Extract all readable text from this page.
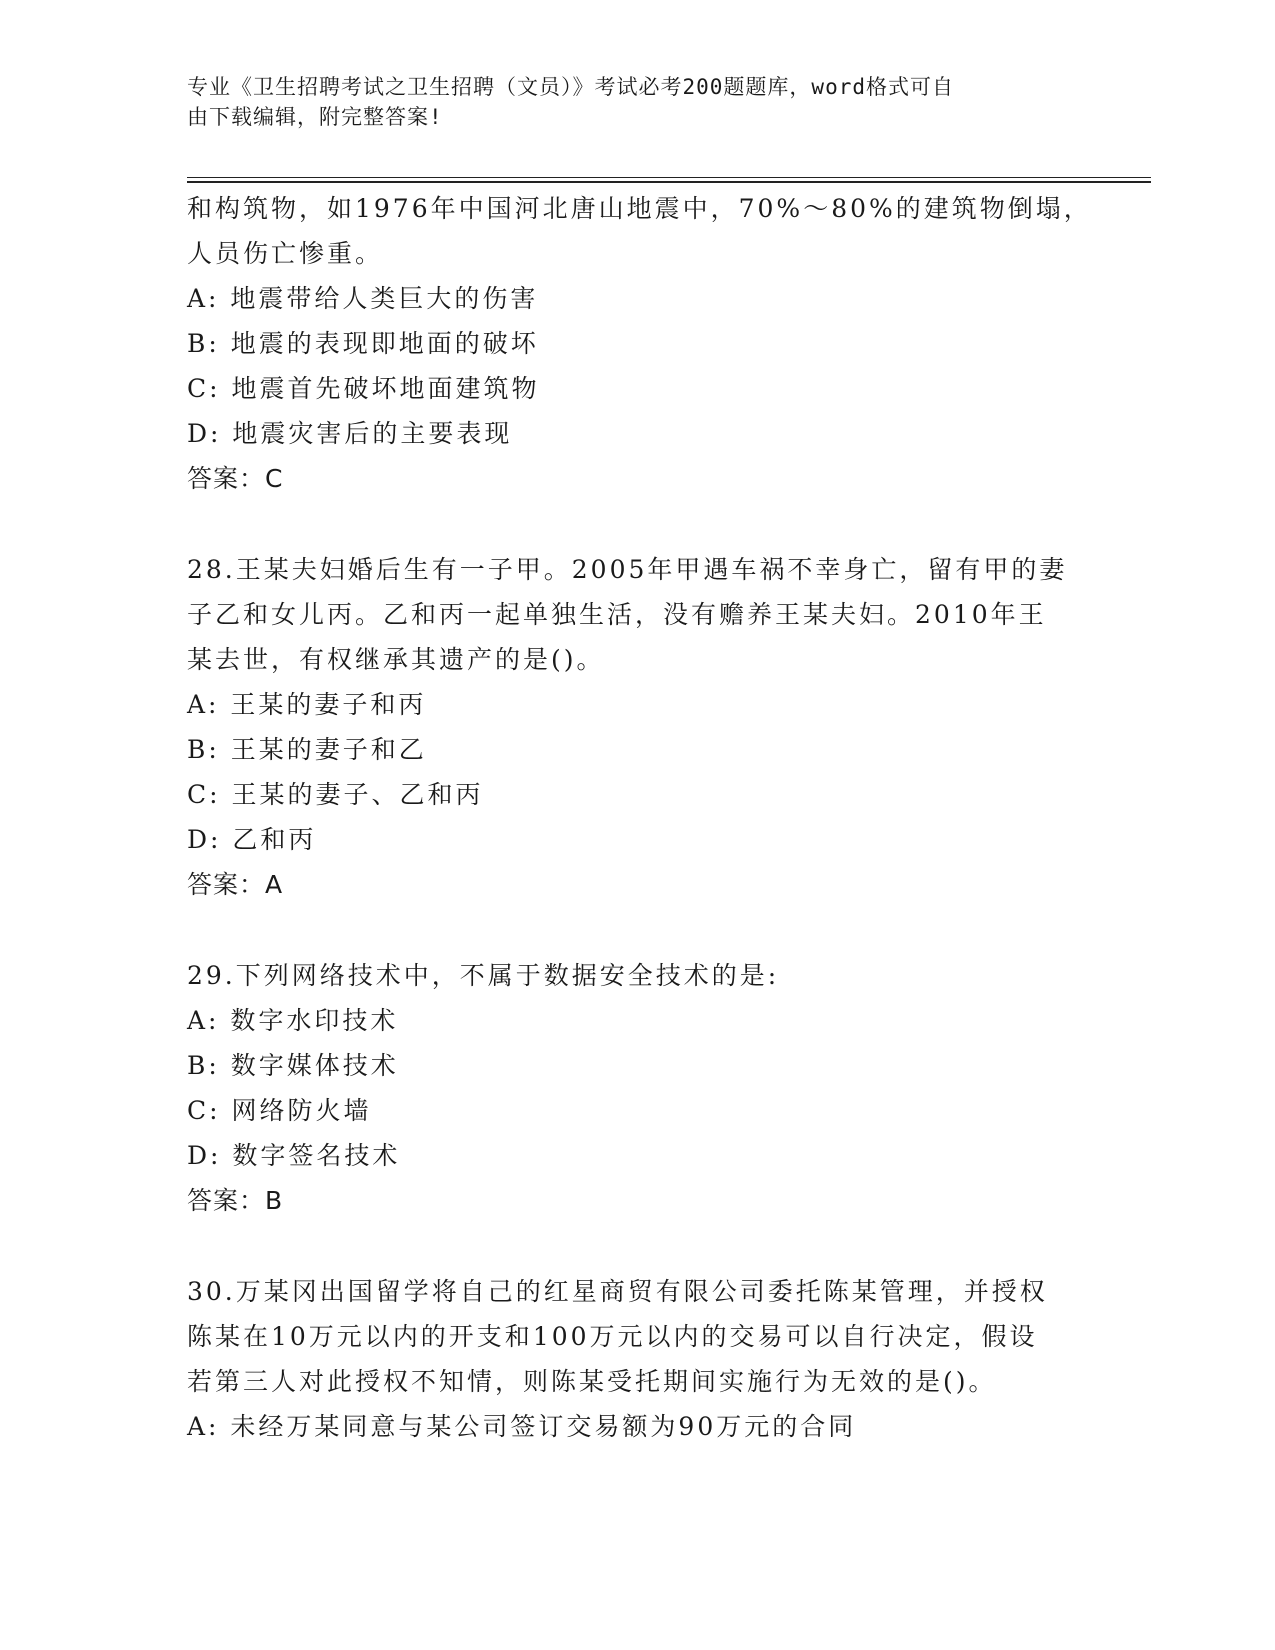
专业《卫生招聘考试之卫生招聘（文员）》考试必考200题题库，word格式可自
由下载编辑，附完整答案!
和构筑物，如1976年中国河北唐山地震中，70%～80%的建筑物倒塌，
人员伤亡惨重。
A: 地震带给人类巨大的伤害
B: 地震的表现即地面的破坏
C: 地震首先破坏地面建筑物
D: 地震灾害后的主要表现
答案：C
28.王某夫妇婚后生有一子甲。2005年甲遇车祸不幸身亡，留有甲的妻
子乙和女儿丙。乙和丙一起单独生活，没有赡养王某夫妇。2010年王
某去世，有权继承其遗产的是()。
A: 王某的妻子和丙
B: 王某的妻子和乙
C: 王某的妻子、乙和丙
D: 乙和丙
答案：A
29.下列网络技术中，不属于数据安全技术的是:
A: 数字水印技术
B: 数字媒体技术
C: 网络防火墙
D: 数字签名技术
答案：B
30.万某冈出国留学将自己的红星商贸有限公司委托陈某管理，并授权
陈某在10万元以内的开支和100万元以内的交易可以自行决定，假设
若第三人对此授权不知情，则陈某受托期间实施行为无效的是()。
A: 未经万某同意与某公司签订交易额为90万元的合同
